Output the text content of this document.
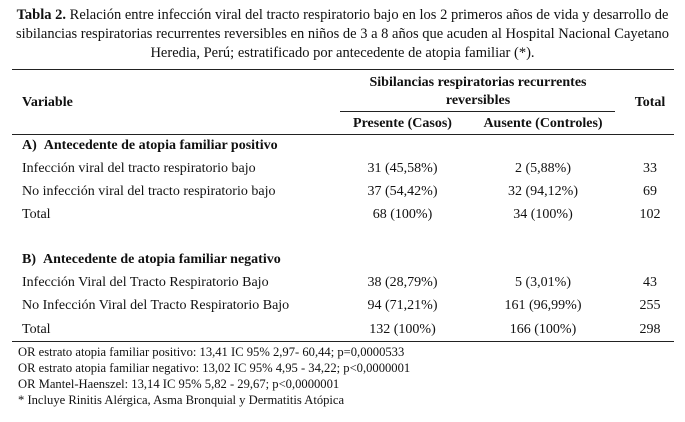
Tabla 2. Relación entre infección viral del tracto respiratorio bajo en los 2 primeros años de vida y desarrollo de sibilancias respiratorias recurrentes reversibles en niños de 3 a 8 años que acuden al Hospital Nacional Cayetano Heredia, Perú; estratificado por antecedente de atopia familiar (*).
Variable
Sibilancias respiratorias recurrentes reversibles	Total
Presente (Casos)	Ausente (Controles)
A)  Antecedente de atopia familiar positivo
Infección viral del tracto respiratorio bajo	31 (45,58%)	2 (5,88%)	33
No infección viral del tracto respiratorio bajo	37 (54,42%)	32 (94,12%)	69
Total	68 (100%)	34 (100%)	102
B)  Antecedente de atopia familiar negativo
Infección Viral del Tracto Respiratorio Bajo	38 (28,79%)	5 (3,01%)	43
No Infección Viral del Tracto Respiratorio Bajo	94 (71,21%)	161 (96,99%)	255
Total	132 (100%)	166 (100%)	298
OR estrato atopia familiar positivo: 13,41 IC 95% 2,97- 60,44; p=0,0000533
OR estrato atopia familiar negativo: 13,02 IC 95% 4,95 - 34,22; p<0,0000001
OR Mantel-Haenszel: 13,14 IC 95% 5,82 - 29,67; p<0,0000001
* Incluye Rinitis Alérgica, Asma Bronquial y Dermatitis Atópica
